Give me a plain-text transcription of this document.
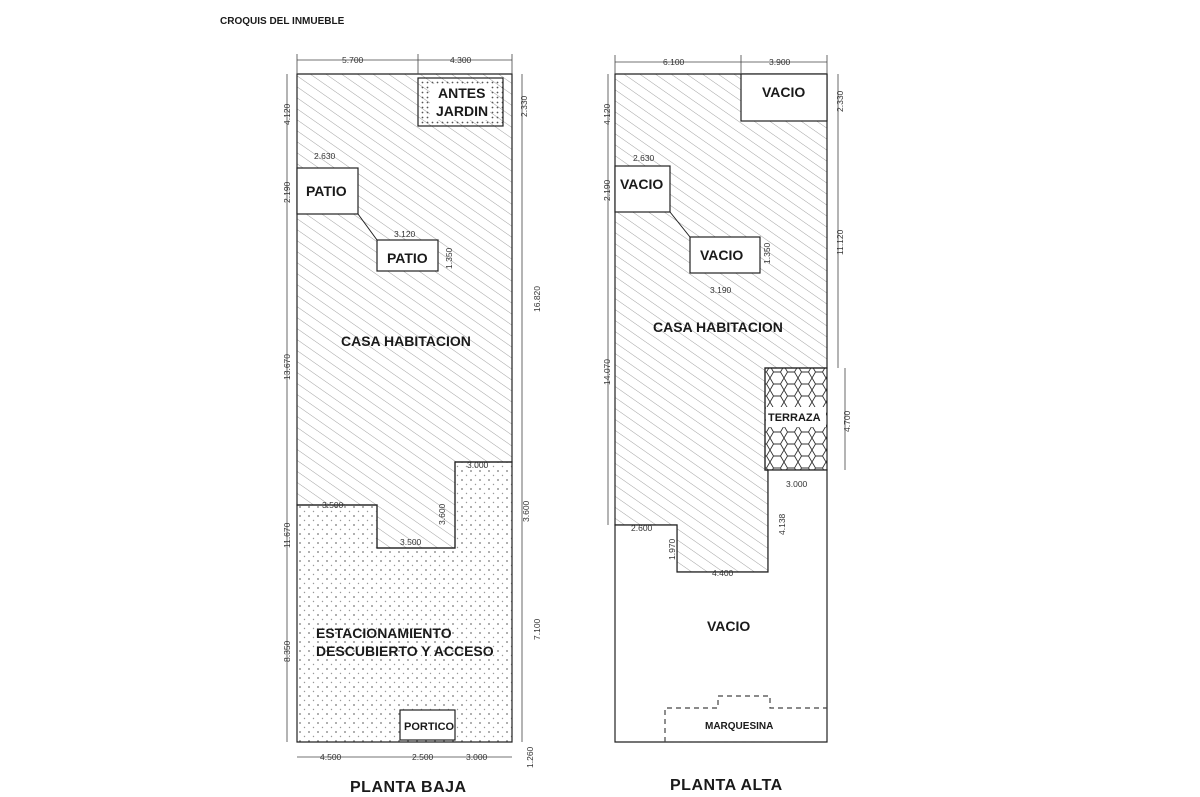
CROQUIS DEL INMUEBLE
ANTES
JARDIN
PATIO
PATIO
CASA HABITACION
ESTACIONAMIENTO
DESCUBIERTO Y ACCESO
PORTICO
5.700	4.300
4.120
2.190
2.630
3.120
1.350
2.330
16.820
13.670
11.670
8.350
3.500
3.500
3.600
3.000
3.600
7.100
4.500	2.500	3.000	1.260
PLANTA BAJA
VACIO
VACIO
VACIO
CASA HABITACION
TERRAZA
VACIO
MARQUESINA
6.100	3.900
4.120
2.190
2.630
1.350
3.190
2.330
11.120
14.070
4.700
3.000
4.138
2.600
1.970
4.400
PLANTA ALTA
